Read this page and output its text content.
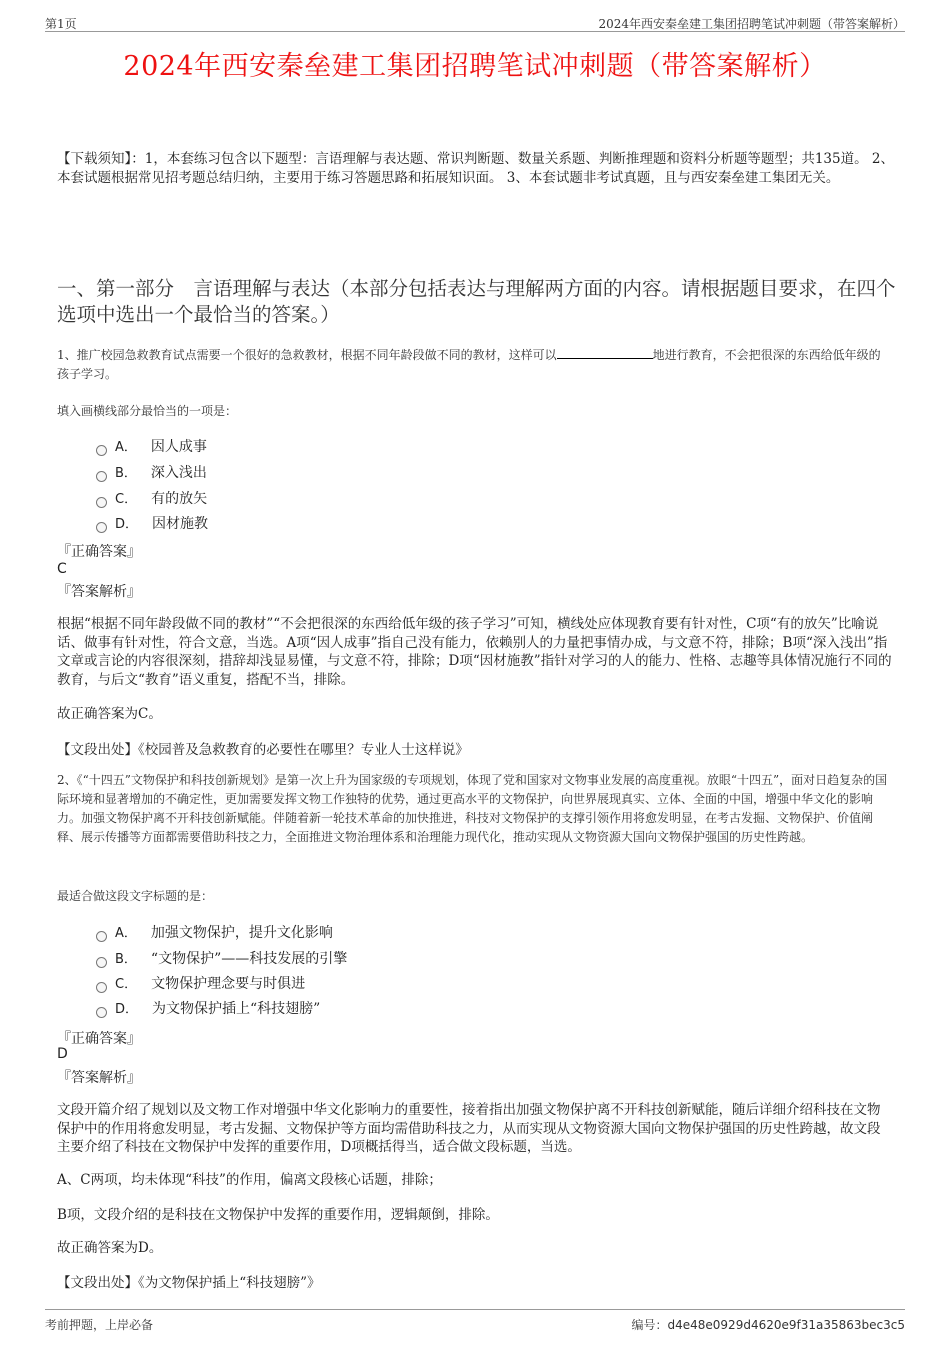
第1页	2024年西安秦垒建工集团招聘笔试冲刺题（带答案解析）
2024年西安秦垒建工集团招聘笔试冲刺题（带答案解析）
【下载须知】：1，本套练习包含以下题型：言语理解与表达题、常识判断题、数量关系题、判断推理题和资料分析题等题型；共135道。 2、本套试题根据常见招考题总结归纳，主要用于练习答题思路和拓展知识面。 3、本套试题非考试真题，且与西安秦垒建工集团无关。
一、第一部分　言语理解与表达（本部分包括表达与理解两方面的内容。请根据题目要求，在四个选项中选出一个最恰当的答案。）
1、推广校园急救教育试点需要一个很好的急救教材，根据不同年龄段做不同的教材，这样可以	地进行教育，不会把很深的东西给低年级的孩子学习。
填入画横线部分最恰当的一项是：
A． 因人成事
B． 深入浅出
C． 有的放矢
D． 因材施教
『正确答案』
C
『答案解析』
根据“根据不同年龄段做不同的教材”“不会把很深的东西给低年级的孩子学习”可知，横线处应体现教育要有针对性，C项“有的放矢”比喻说话、做事有针对性，符合文意，当选。A项“因人成事”指自己没有能力，依赖别人的力量把事情办成，与文意不符，排除；B项“深入浅出”指文章或言论的内容很深刻，措辞却浅显易懂，与文意不符，排除；D项“因材施教”指针对学习的人的能力、性格、志趣等具体情况施行不同的教育，与后文“教育”语义重复，搭配不当，排除。
故正确答案为C。
【文段出处】《校园普及急救教育的必要性在哪里？专业人士这样说》
2、《“十四五”文物保护和科技创新规划》是第一次上升为国家级的专项规划，体现了党和国家对文物事业发展的高度重视。放眼“十四五”，面对日趋复杂的国际环境和显著增加的不确定性，更加需要发挥文物工作独特的优势，通过更高水平的文物保护，向世界展现真实、立体、全面的中国，增强中华文化的影响力。加强文物保护离不开科技创新赋能。伴随着新一轮技术革命的加快推进，科技对文物保护的支撑引领作用将愈发明显，在考古发掘、文物保护、价值阐释、展示传播等方面都需要借助科技之力，全面推进文物治理体系和治理能力现代化，推动实现从文物资源大国向文物保护强国的历史性跨越。
最适合做这段文字标题的是：
A． 加强文物保护，提升文化影响
B． “文物保护”——科技发展的引擎
C． 文物保护理念要与时俱进
D． 为文物保护插上“科技翅膀”
『正确答案』
D
『答案解析』
文段开篇介绍了规划以及文物工作对增强中华文化影响力的重要性，接着指出加强文物保护离不开科技创新赋能，随后详细介绍科技在文物保护中的作用将愈发明显，考古发掘、文物保护等方面均需借助科技之力，从而实现从文物资源大国向文物保护强国的历史性跨越，故文段主要介绍了科技在文物保护中发挥的重要作用，D项概括得当，适合做文段标题，当选。
A、C两项，均未体现“科技”的作用，偏离文段核心话题，排除；
B项，文段介绍的是科技在文物保护中发挥的重要作用，逻辑颠倒，排除。
故正确答案为D。
【文段出处】《为文物保护插上“科技翅膀”》
考前押题，上岸必备	编号：d4e48e0929d4620e9f31a35863bec3c5
